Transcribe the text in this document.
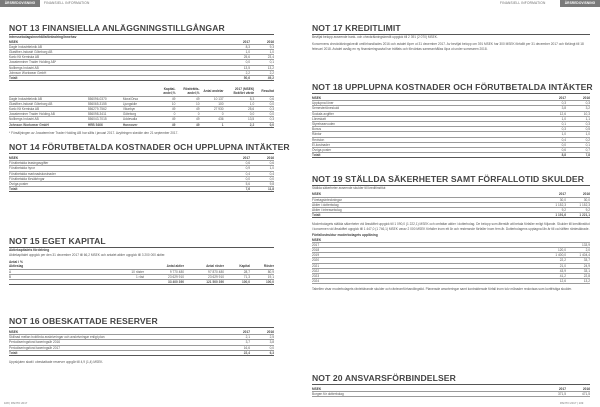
ÅRSREDOVISNING	FINANSIELL INFORMATION	FINANSIELL INFORMATION	ÅRSREDOVISNING
NOT 13 FINANSIELLA ANLÄGGNINGSTILLGÅNGAR
Intressebolagsinnehållsförändring/Innehav
MSEK	2017	2016
Dagle Industriteknik AB	8,3	9,3
Glasfiber-Industri Göteborg AB	1,0	1,0
Karlo Kit Kemiska AB	25,6	23,4
Jowaterminer Trader Holding AB*	0,0	0,1
Nollbergs Industri AB	13,5	13,2
Johnson Workwear GmbH	2,2	2,2
Totalt	50,6	49,2
			Kapital-andel,%	Röstträtts-andel,%	Antal andelar	2017 (MSEK) Bokfört värde	Resultat
Dagle Industriteknik AB	556096-0370	Mora/Orsa	49	49	10 137	8,3	0,6
Glasfiber-Industri Göteborg AB	556065-3155	Ljungskile	10	10	100	1,0	0,0
Karlo Kit Kemiska AB	556279-7562	Vikarbyn	49	49	27 930	25,6	0,3
Jowaterminer Trader Holding AB	556098-3411	Göteborg	0	0	0	0,0	0,0
Nollbergs Industri AB	556043-7015	Uddevalla	49	49	436	13,5	0,3
Johnson Workwear GmbH	HRB 5466	Hannover	49	49	1	2,2	0,0
* Försäljningen av Jowaterminer Trader Holding AB har sålts i januari 2017. Avyttringen skedde den 21 september 2017.
NOT 14 FÖRUTBETALDA KOSTNADER OCH UPPLUPNA INTÄKTER
MSEK	2017	2016
Förutbetalda leasingavgifter	0,6	0,6
Förutbetalda hyror	0,9	1,0
Förutbetalda marknadskostnader	0,4	0,4
Förutbetalda försäkringar	0,0	0,0
Övriga poster	5,6	9,8
Totalt	7,6	11,8
NOT 15 EGET KAPITAL
Aktiekapitalets fördelning
Aktiekapitalet uppgick per den 31 december 2017 till 66,2 MSEK och antalet aktier uppgick till 3 200 000 aktier.
Antal i %
Aktieslag		Antal aktier	Antal röster	Kapital	Röster
A	10 röster	9 770 480	97 870 480	28,7	80,9
B	1 röst	23 629 910	23 629 910	71,3	19,1
		33 400 390	121 500 390	100,0	100,0
NOT 16 OBESKATTADE RESERVER
MSEK	2017	2016
Skillnad mellan bokförda avskrivningar och avskrivningar enligt plan	2,1	2,5
Periodiseringsfond taxeringsår 2016	3,7	3,8
Periodiseringsfond taxeringsår 2017	16,6	0,0
Totalt	22,4	6,3
Uppskjuten skatt i obeskattade reserver uppgår till 4,9 (1,4) MSEK.
NOT 17 KREDITLIMIT
Beviljat belopp avseende bank- och checkräkningskredit uppgick till 2 391 (2 070) MSEK.
Koncernens checkräkningskredit omförhandlades 2016 och avtalet löper ut 31 december 2017. Av beviljat belopp om 391 MSEK har 300 MSEK förfallit per 31 december 2017 och förlängt till 18 februari 2018. Avtalet avsåg en ny finansieringsavtal har träffats och förväntas sammanhållas löpa ut under sommaren 2018.
NOT 18 UPPLUPNA KOSTNADER OCH FÖRUTBETALDA INTÄKTER
MSEK	2017	2016
Upplupna löner	0,3	0,3
Semesterlöneskuld	3,8	3,2
Sociala avgifter	12,6	10,3
Löneskatt	1,0	1,1
Styrelsearvoden	0,1	0,3
Bonus	0,3	0,5
Räntor	1,0	1,0
Revision	0,4	0,2
El-kostnader	0,0	0,1
Övriga poster	0,6	0,7
Totalt	8,8	7,8
NOT 19 STÄLLDA SÄKERHETER SAMT FÖRFALLOTID SKULDER
Ställda säkerheter avseende skulder till kreditinstitut
MSEK	2017	2016
Företagsinteckningar	30,0	30,0
Aktier i dotterbolag	1 152,3	1 152,3
Aktier i intressebolag	9,2	9,2
Totalt	1 191,6	1 221,1
Moderbolagets ställda säkerheter vid årsskiftet uppgick till 1 090,0 (1 222,1) MSEK och omfattar aktier i dotterbolag. De belopp som återstår att betala förfaller enligt följande. Skulder till kreditinstitut i koncernen vid årsskiftet uppgick till 1 447,0 (1 746,1) MSEK varav 2 000 MSEK förfaller inom ett år och resterande förfaller inom fem år. Dotterbolagens upptagna lån är till ca hälften räntesäkrade.
Förfallostruktur moderbolagets upplåning
MSEK		
2017		133,9
2018	120,0	2,0
2019	1 400,0	1 404,4
2020	22,2	33,7
2021	21,0	24,9
2022	43,9	33,1
2023	41,2	22,8
2024	12,6	13,2
Tabellen visar moderbolagets räntebärande skulder och ränteomförhandlingstid. Planerade amorteringar samt kontrakterade förfall inom tolv månader redovisas som kortfristiga skulder.
NOT 20 ANSVARSFÖRBINDELSER
MSEK	2017	2016
Borgen för dotterbolag	371,5	471,5
108 | PANTO 2017	PANTO 2017 | 109
